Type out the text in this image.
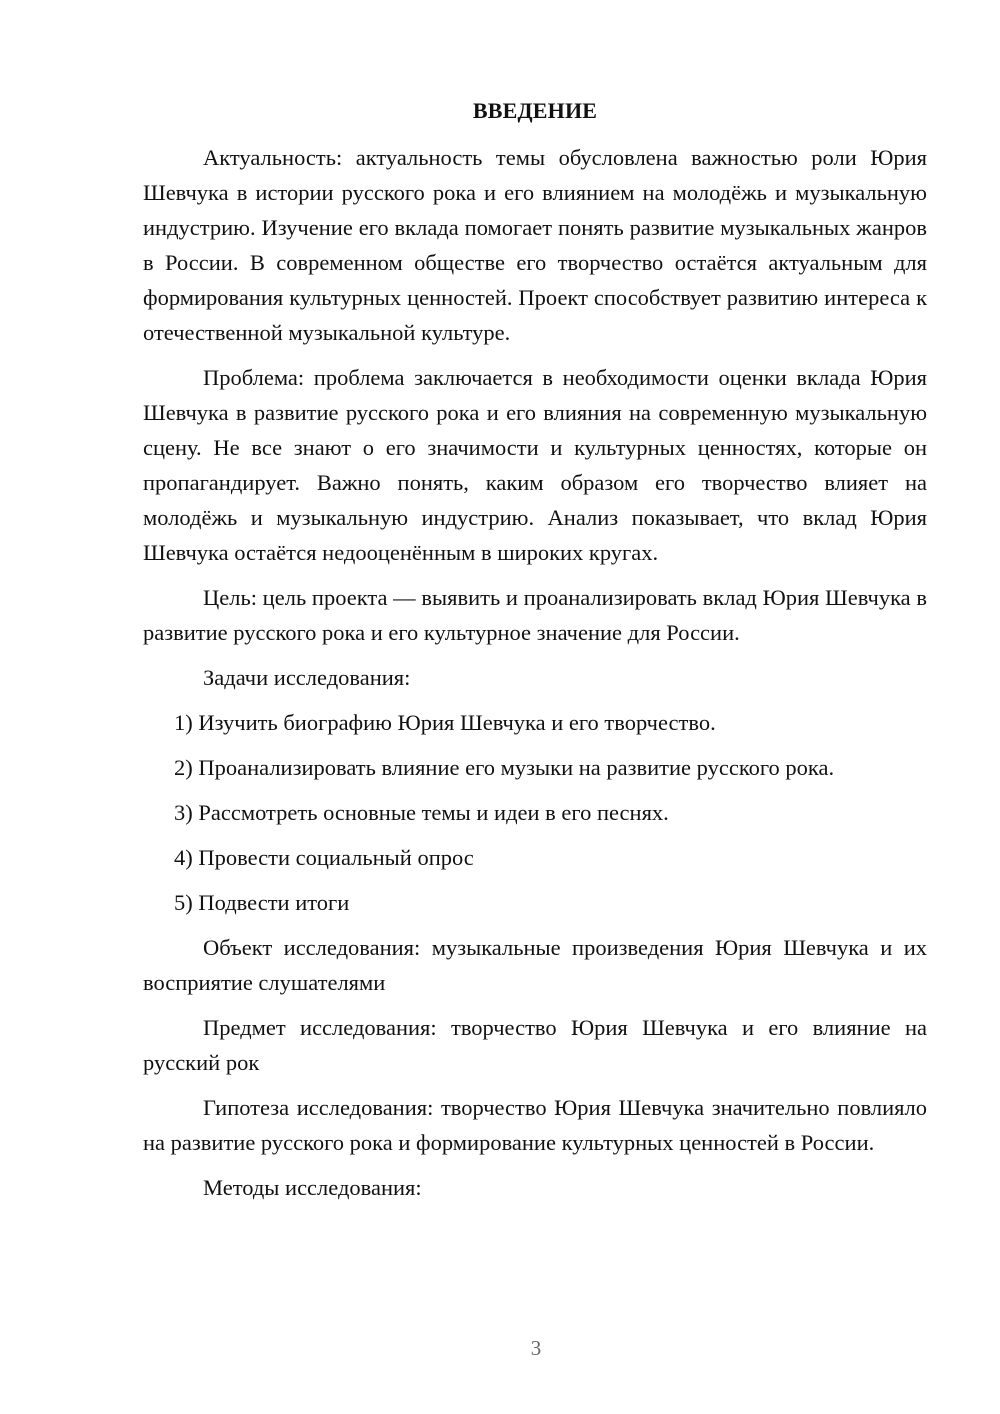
ВВЕДЕНИЕ

Актуальность: актуальность темы обусловлена важностью роли Юрия Шевчука в истории русского рока и его влиянием на молодёжь и музыкальную индустрию. Изучение его вклада помогает понять развитие музыкальных жанров в России. В современном обществе его творчество остаётся актуальным для формирования культурных ценностей. Проект способствует развитию интереса к отечественной музыкальной культуре.

Проблема: проблема заключается в необходимости оценки вклада Юрия Шевчука в развитие русского рока и его влияния на современную музыкальную сцену. Не все знают о его значимости и культурных ценностях, которые он пропагандирует. Важно понять, каким образом его творчество влияет на молодёжь и музыкальную индустрию. Анализ показывает, что вклад Юрия Шевчука остаётся недооценённым в широких кругах.

Цель: цель проекта — выявить и проанализировать вклад Юрия Шевчука в развитие русского рока и его культурное значение для России.

Задачи исследования:
1) Изучить биографию Юрия Шевчука и его творчество.
2) Проанализировать влияние его музыки на развитие русского рока.
3) Рассмотреть основные темы и идеи в его песнях.
4) Провести социальный опрос
5) Подвести итоги

Объект исследования: музыкальные произведения Юрия Шевчука и их восприятие слушателями

Предмет исследования: творчество Юрия Шевчука и его влияние на русский рок

Гипотеза исследования: творчество Юрия Шевчука значительно повлияло на развитие русского рока и формирование культурных ценностей в России.

Методы исследования:
3
